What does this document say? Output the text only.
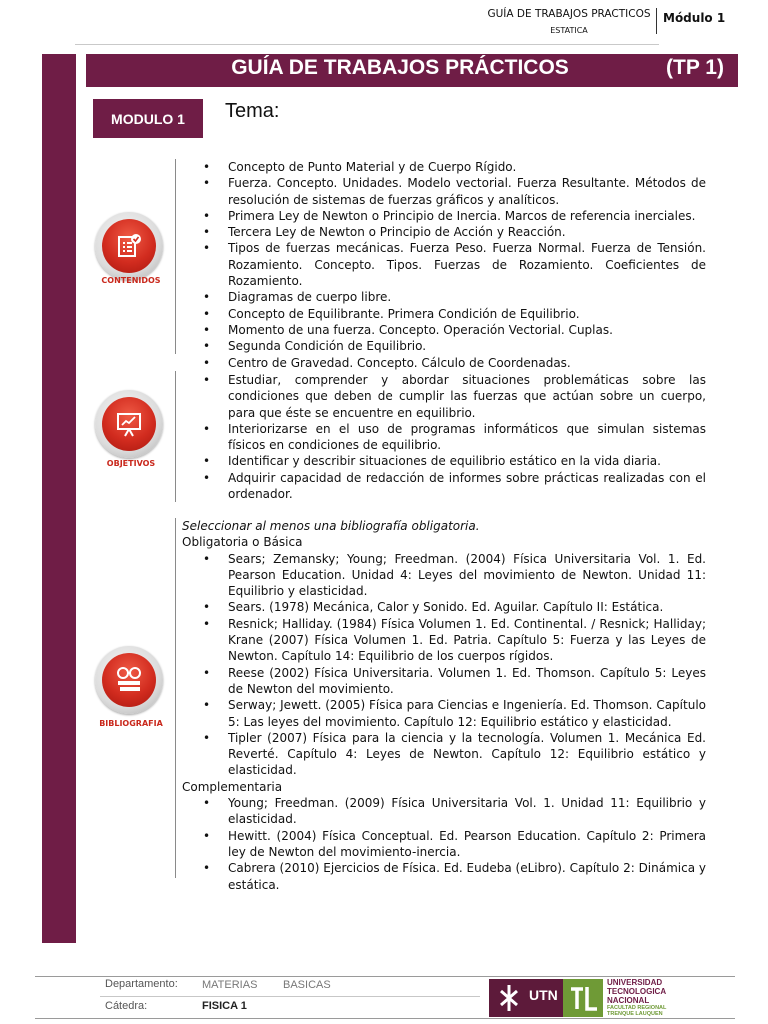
GUÍA DE TRABAJOS PRACTICOS
ESTATICA
Módulo 1
GUÍA DE TRABAJOS PRÁCTICOS	(TP 1)
MODULO 1	Tema:
CONTENIDOS
• Concepto de Punto Material y de Cuerpo Rígido.
• Fuerza. Concepto. Unidades. Modelo vectorial. Fuerza Resultante. Métodos de resolución de sistemas de fuerzas gráficos y analíticos.
• Primera Ley de Newton o Principio de Inercia. Marcos de referencia inerciales.
• Tercera Ley de Newton o Principio de Acción y Reacción.
• Tipos de fuerzas mecánicas. Fuerza Peso. Fuerza Normal. Fuerza de Tensión. Rozamiento. Concepto. Tipos. Fuerzas de Rozamiento. Coeficientes de Rozamiento.
• Diagramas de cuerpo libre.
• Concepto de Equilibrante. Primera Condición de Equilibrio.
• Momento de una fuerza. Concepto. Operación Vectorial. Cuplas.
• Segunda Condición de Equilibrio.
• Centro de Gravedad. Concepto. Cálculo de Coordenadas.
OBJETIVOS
• Estudiar, comprender y abordar situaciones problemáticas sobre las condiciones que deben de cumplir las fuerzas que actúan sobre un cuerpo, para que éste se encuentre en equilibrio.
• Interiorizarse en el uso de programas informáticos que simulan sistemas físicos en condiciones de equilibrio.
• Identificar y describir situaciones de equilibrio estático en la vida diaria.
• Adquirir capacidad de redacción de informes sobre prácticas realizadas con el ordenador.
BIBLIOGRAFIA
Seleccionar al menos una bibliografía obligatoria.
Obligatoria o Básica
• Sears; Zemansky; Young; Freedman. (2004) Física Universitaria Vol. 1. Ed. Pearson Education. Unidad 4: Leyes del movimiento de Newton. Unidad 11: Equilibrio y elasticidad.
• Sears. (1978) Mecánica, Calor y Sonido. Ed. Aguilar. Capítulo II: Estática.
• Resnick; Halliday. (1984) Física Volumen 1. Ed. Continental. / Resnick; Halliday; Krane (2007) Física Volumen 1. Ed. Patria. Capítulo 5: Fuerza y las Leyes de Newton. Capítulo 14: Equilibrio de los cuerpos rígidos.
• Reese (2002) Física Universitaria. Volumen 1. Ed. Thomson. Capítulo 5: Leyes de Newton del movimiento.
• Serway; Jewett. (2005) Física para Ciencias e Ingeniería. Ed. Thomson. Capítulo 5: Las leyes del movimiento. Capítulo 12: Equilibrio estático y elasticidad.
• Tipler (2007) Física para la ciencia y la tecnología. Volumen 1. Mecánica Ed. Reverté. Capítulo 4: Leyes de Newton. Capítulo 12: Equilibrio estático y elasticidad.
Complementaria
• Young; Freedman. (2009) Física Universitaria Vol. 1. Unidad 11: Equilibrio y elasticidad.
• Hewitt. (2004) Física Conceptual. Ed. Pearson Education. Capítulo 2: Primera ley de Newton del movimiento-inercia.
• Cabrera (2010) Ejercicios de Física. Ed. Eudeba (eLibro). Capítulo 2: Dinámica y estática.
Departamento: MATERIAS BASICAS
Cátedra:	FISICA 1
UTN
UNIVERSIDAD
TECNOLOGICA
NACIONAL
FACULTAD REGIONAL
TRENQUE LAUQUEN
